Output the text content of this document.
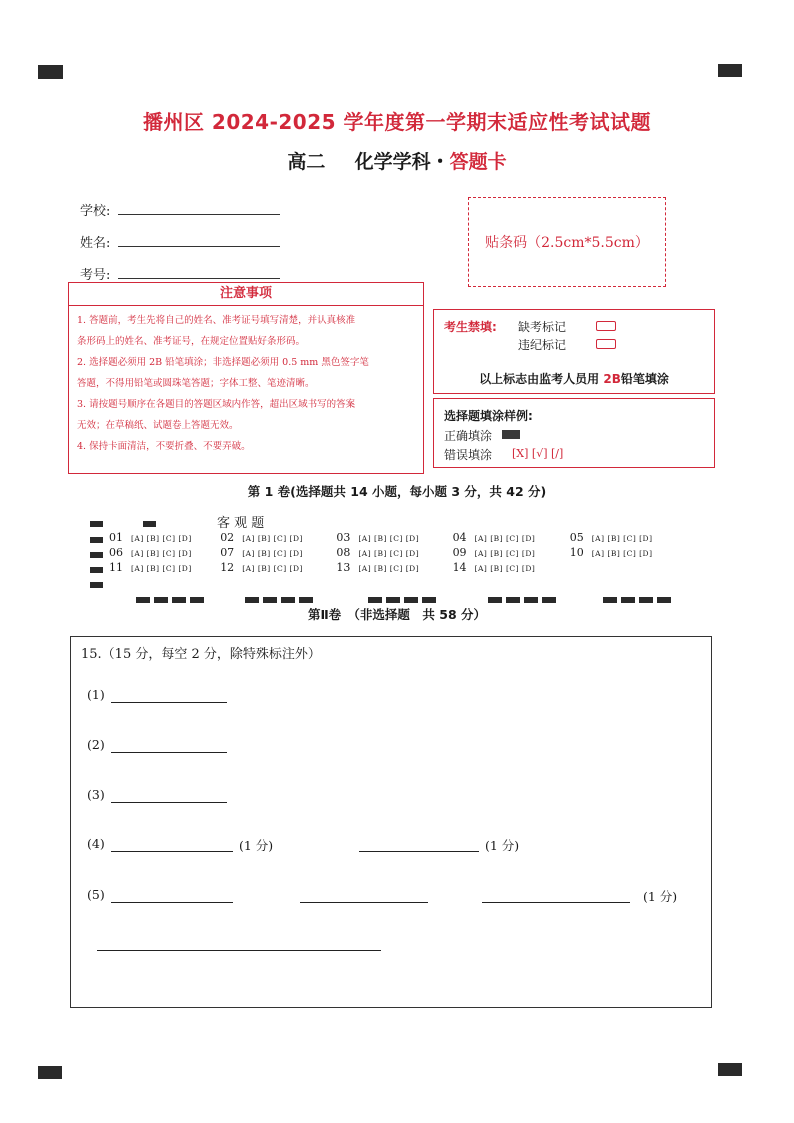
播州区 2024-2025 学年度第一学期末适应性考试试题
高二 化学学科・答题卡
学校:
姓名:
考号:
贴条码（2.5cm*5.5cm）
注意事项
1. 答题前，考生先将自己的姓名、准考证号填写清楚，并认真核准
条形码上的姓名、准考证号，在规定位置贴好条形码。
2. 选择题必须用 2B 铅笔填涂；非选择题必须用 0.5 mm 黑色签字笔
答题，不得用铅笔或圆珠笔答题；字体工整、笔迹清晰。
3. 请按题号顺序在各题目的答题区域内作答，超出区域书写的答案
无效；在草稿纸、试题卷上答题无效。
4. 保持卡面清洁，不要折叠、不要弄破。
考生禁填: 缺考标记
违纪标记
以上标志由监考人员用 2B铅笔填涂
选择题填涂样例:
正确填涂
错误填涂 [X] [√] [/]
第 1 卷(选择题共 14 小题，每小题 3 分，共 42 分)
客 观 题
01 [A] [B] [C] [D]	02 [A] [B] [C] [D]	03 [A] [B] [C] [D]	04 [A] [B] [C] [D]	05 [A] [B] [C] [D]
06 [A] [B] [C] [D]	07 [A] [B] [C] [D]	08 [A] [B] [C] [D]	09 [A] [B] [C] [D]	10 [A] [B] [C] [D]
11 [A] [B] [C] [D]	12 [A] [B] [C] [D]	13 [A] [B] [C] [D]	14 [A] [B] [C] [D]
第Ⅱ卷　（非选择题　共 58 分）
15.（15 分，每空 2 分，除特殊标注外）
(1)
(2)
(3)
(4)	(1 分)	(1 分)
(5)	(1 分)
